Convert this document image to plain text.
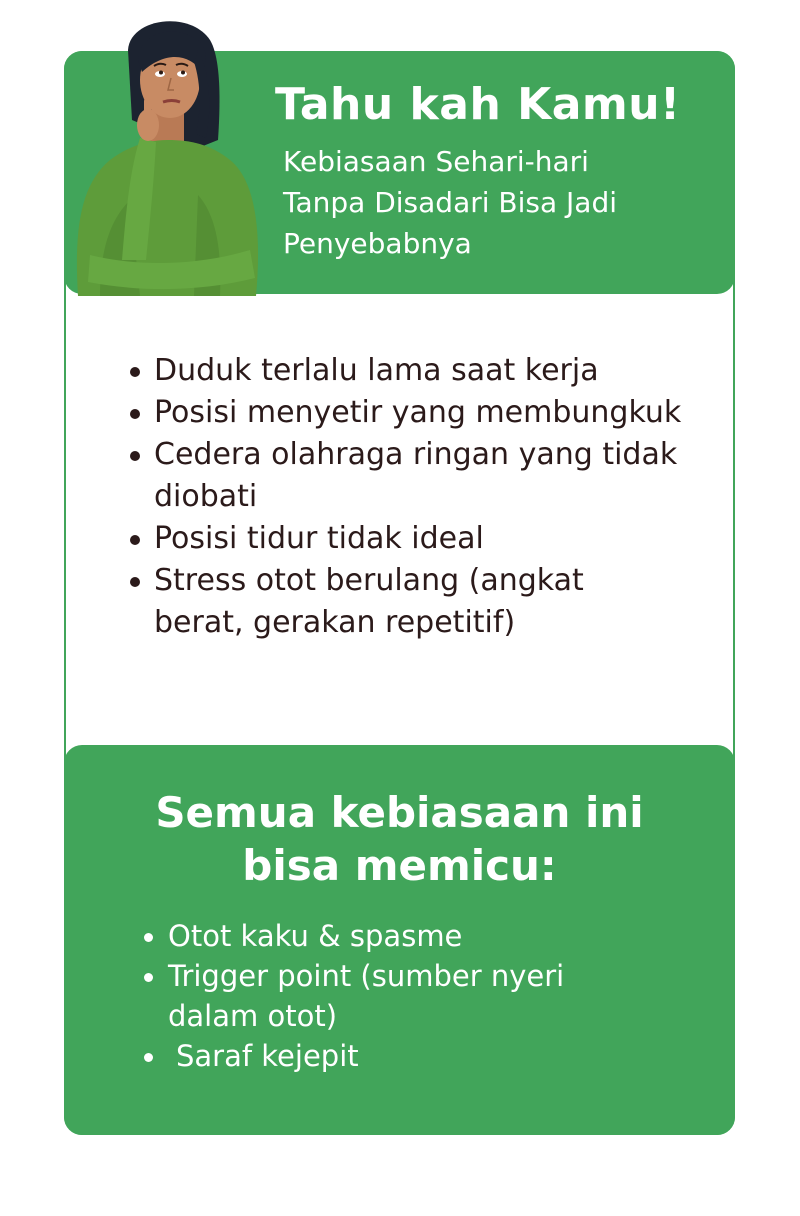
Tahu kah Kamu!
Kebiasaan Sehari-hari
Tanpa Disadari Bisa Jadi
Penyebabnya
Duduk terlalu lama saat kerja
Posisi menyetir yang membungkuk
Cedera olahraga ringan yang tidak diobati
Posisi tidur tidak ideal
Stress otot berulang (angkat berat, gerakan repetitif)
Semua kebiasaan ini
bisa memicu:
Otot kaku & spasme
Trigger point (sumber nyeri dalam otot)
Saraf kejepit
